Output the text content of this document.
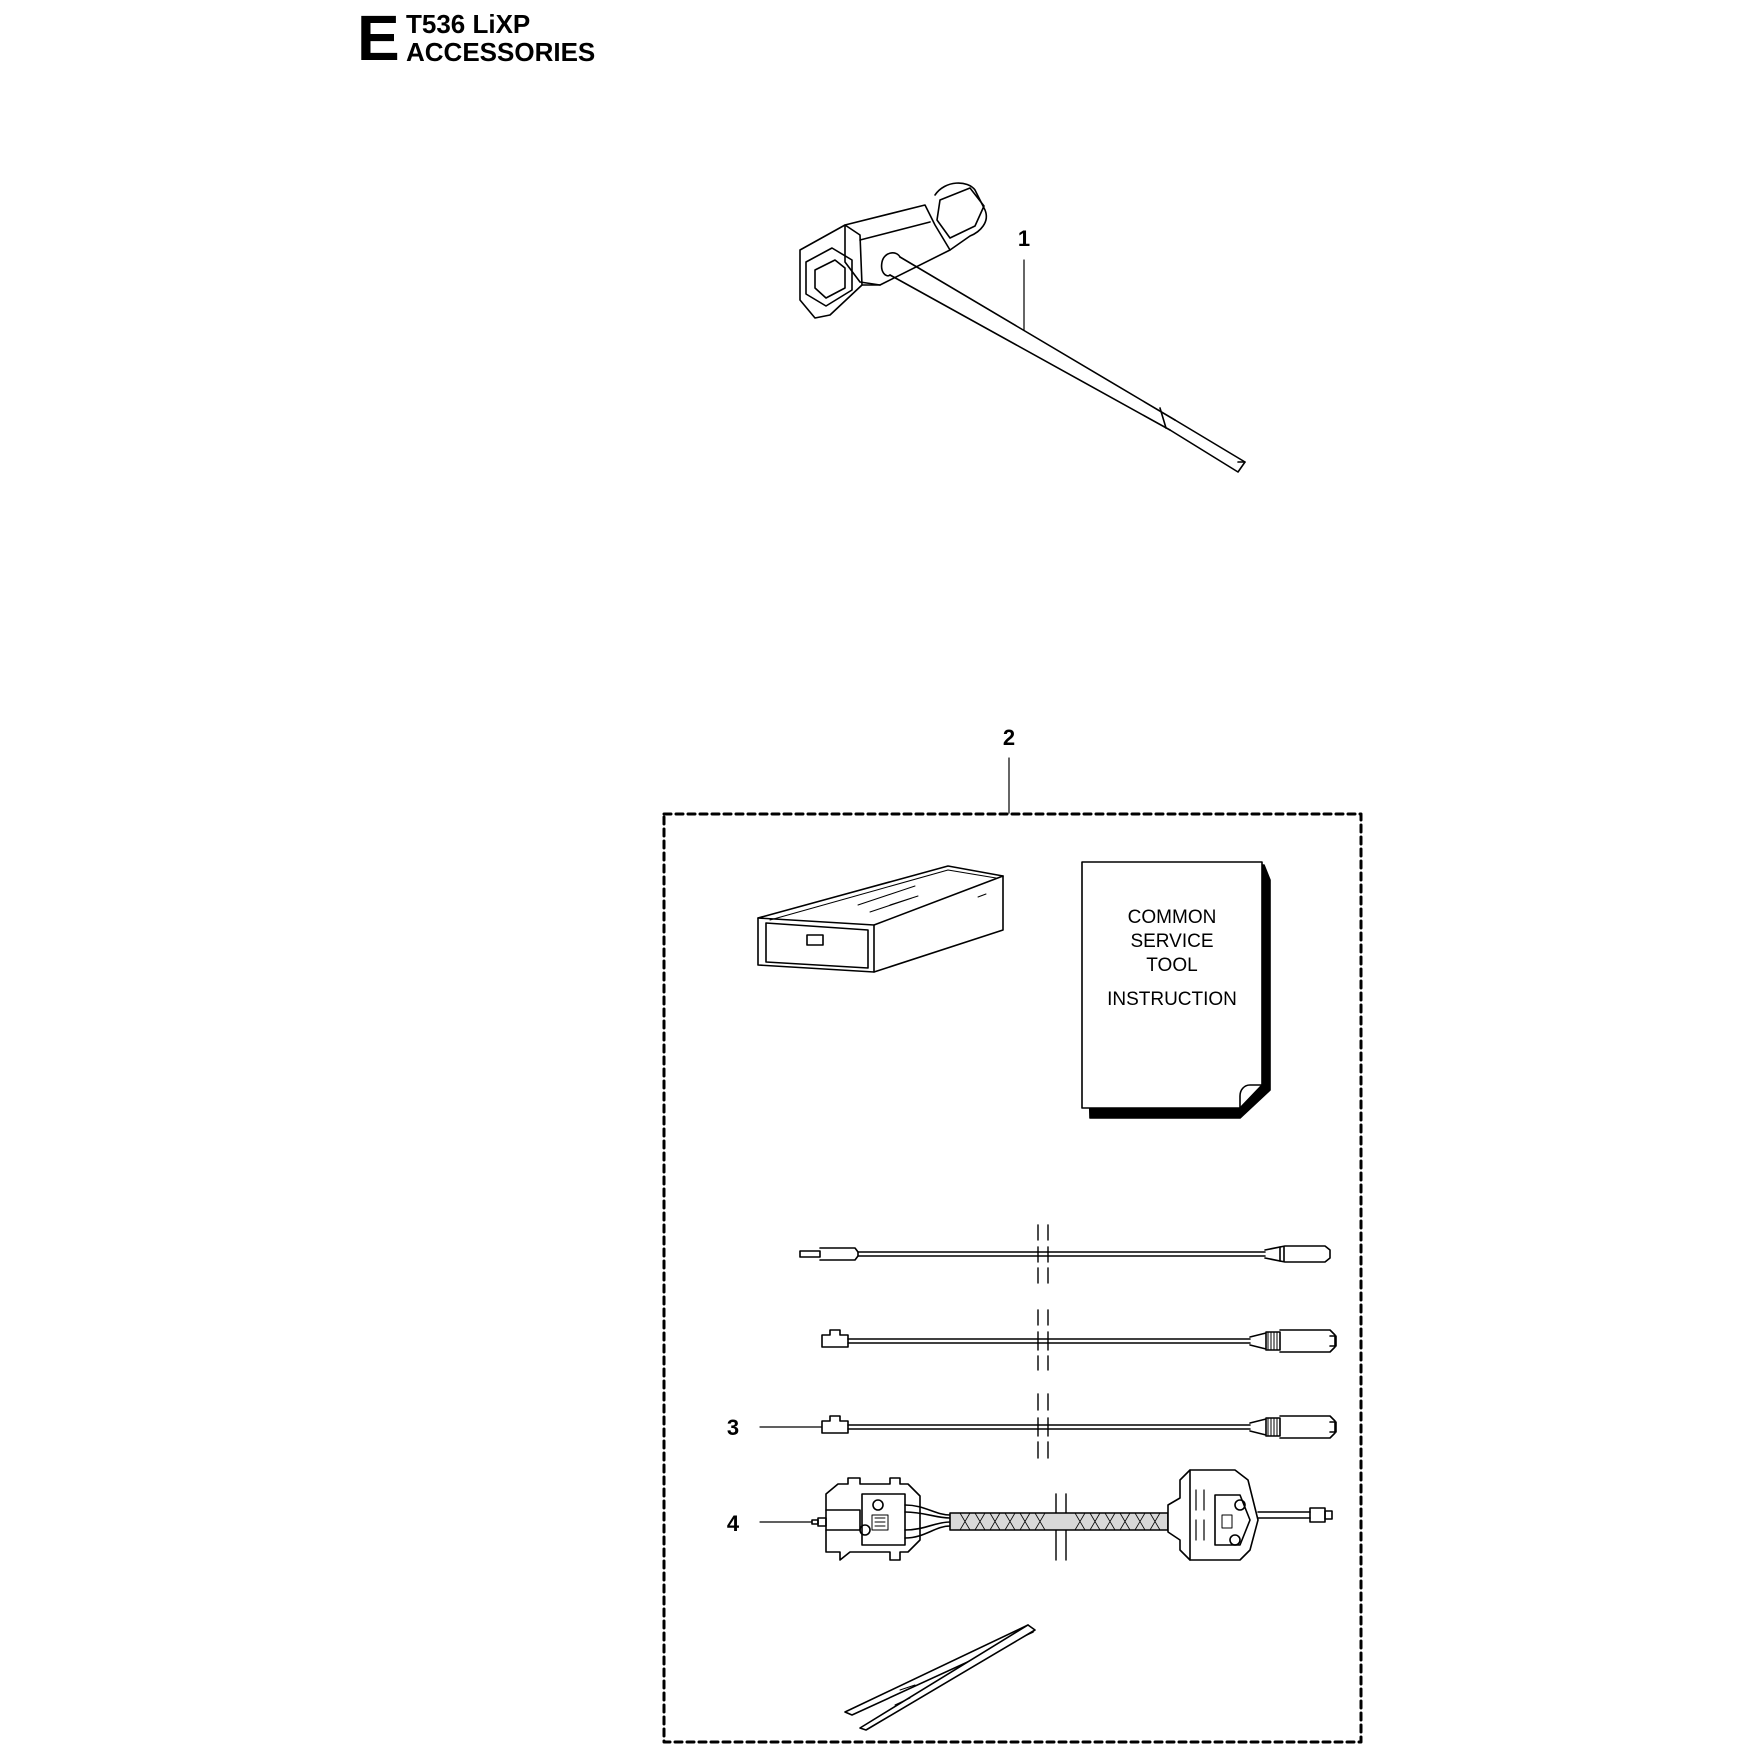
E T536 LiXP
ACCESSORIES
1
2
3
4
COMMON
SERVICE
TOOL
INSTRUCTION
